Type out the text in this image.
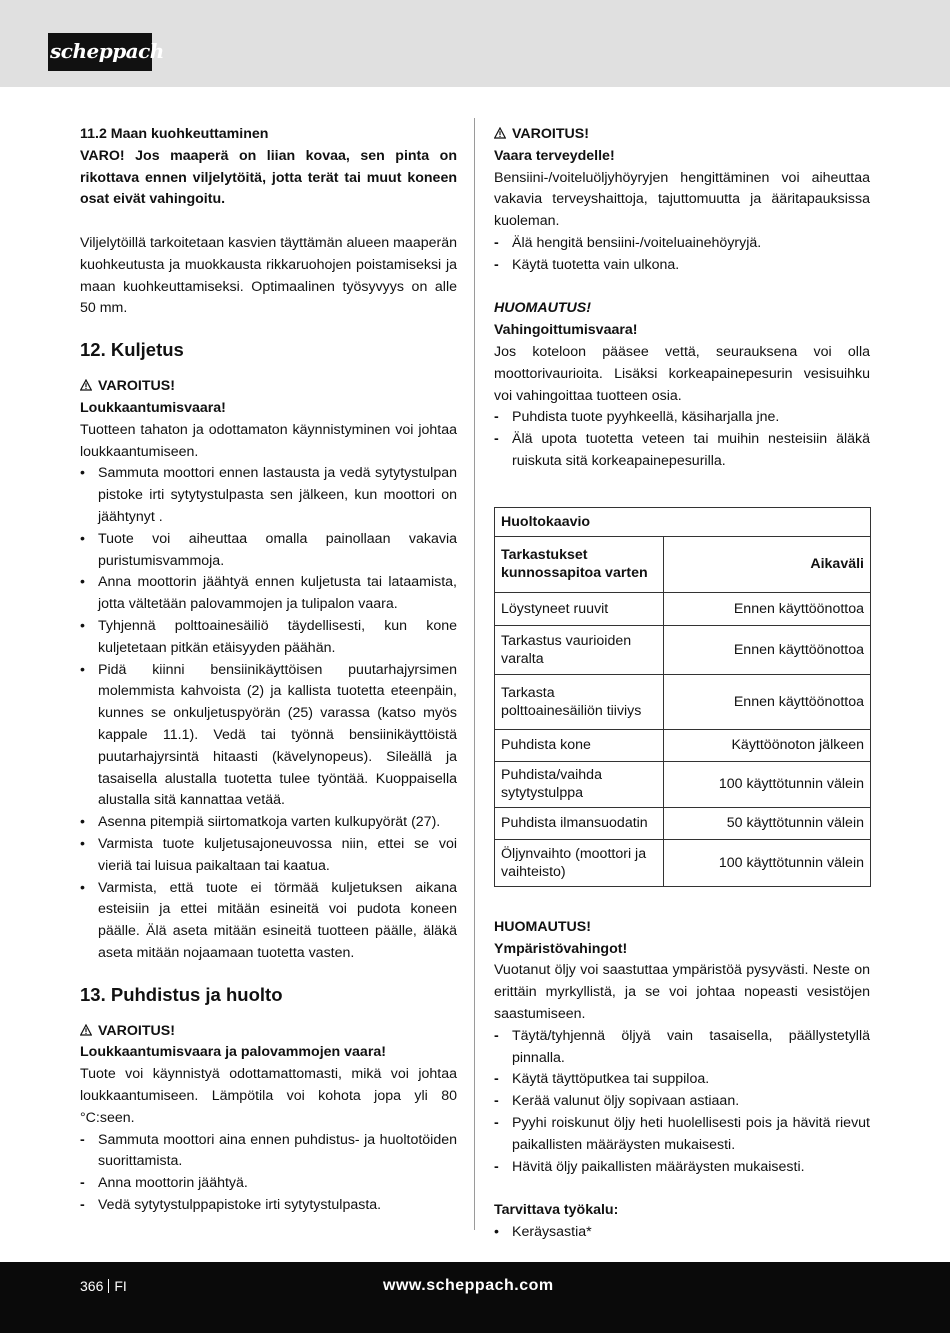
scheppach

11.2 Maan kuohkeuttaminen

VARO! Jos maaperä on liian kovaa, sen pinta on rikottava ennen viljelytöitä, jotta terät tai muut koneen osat eivät vahingoitu.

Viljelytöillä tarkoitetaan kasvien täyttämän alueen maaperän kuohkeutusta ja muokkausta rikkaruohojen poistamiseksi ja maan kuohkeuttamiseksi. Optimaalinen työsyvyys on alle 50 mm.

12. Kuljetus

VAROITUS!

Loukkaantumisvaara!

Tuotteen tahaton ja odottamaton käynnistyminen voi johtaa loukkaantumiseen.

• Sammuta moottori ennen lastausta ja vedä sytytystulpan pistoke irti sytytystulpasta sen jälkeen, kun moottori on jäähtynyt .
• Tuote voi aiheuttaa omalla painollaan vakavia puristumisvammoja.
• Anna moottorin jäähtyä ennen kuljetusta tai lataamista, jotta vältetään palovammojen ja tulipalon vaara.
• Tyhjennä polttoainesäiliö täydellisesti, kun kone kuljetetaan pitkän etäisyyden päähän.
• Pidä kiinni bensiinikäyttöisen puutarhajyrsimen molemmista kahvoista (2) ja kallista tuotetta eteenpäin, kunnes se onkuljetuspyörän (25) varassa (katso myös kappale 11.1). Vedä tai työnnä bensiinikäyttöistä puutarhajyrsintä hitaasti (kävelynopeus). Sileällä ja tasaisella alustalla tuotetta tulee työntää. Kuoppaisella alustalla sitä kannattaa vetää.
• Asenna pitempiä siirtomatkoja varten kulkupyörät (27).
• Varmista tuote kuljetusajoneuvossa niin, ettei se voi vieriä tai luisua paikaltaan tai kaatua.
• Varmista, että tuote ei törmää kuljetuksen aikana esteisiin ja ettei mitään esineitä voi pudota koneen päälle. Älä aseta mitään esineitä tuotteen päälle, äläkä aseta mitään nojaamaan tuotetta vasten.
13. Puhdistus ja huolto

VAROITUS!

Loukkaantumisvaara ja palovammojen vaara!

Tuote voi käynnistyä odottamattomasti, mikä voi johtaa loukkaantumiseen. Lämpötila voi kohota jopa yli 80 °C:seen.

- Sammuta moottori aina ennen puhdistus- ja huoltotöiden suorittamista.
- Anna moottorin jäähtyä.
- Vedä sytytystulppapistoke irti sytytystulpasta.

VAROITUS!

Vaara terveydelle!

Bensiini-/voiteluöljyhöyryjen hengittäminen voi aiheuttaa vakavia terveyshaittoja, tajuttomuutta ja ääritapauksissa kuoleman.

- Älä hengitä bensiini-/voiteluainehöyryjä.
- Käytä tuotetta vain ulkona.

HUOMAUTUS!

Vahingoittumisvaara!

Jos koteloon pääsee vettä, seurauksena voi olla moottorivaurioita. Lisäksi korkeapainepesurin vesisuihku voi vahingoittaa tuotteen osia.

- Puhdista tuote pyyhkeellä, käsiharjalla jne.
- Älä upota tuotetta veteen tai muihin nesteisiin äläkä ruiskuta sitä korkeapainepesurilla.
Huoltokaavio	
Tarkastukset kunnossapitoa varten	Aikaväli
Löystyneet ruuvit	Ennen käyttöönottoa
Tarkastus vaurioiden varalta	Ennen käyttöönottoa
Tarkasta polttoainesäiliön tiiviys	Ennen käyttöönottoa
Puhdista kone	Käyttöönoton jälkeen
Puhdista/vaihda sytytystulppa	100 käyttötunnin välein
Puhdista ilmansuodatin	50 käyttötunnin välein
Öljynvaihto (moottori ja vaihteisto)	100 käyttötunnin välein

HUOMAUTUS!

Ympäristövahingot!

Vuotanut öljy voi saastuttaa ympäristöä pysyvästi. Neste on erittäin myrkyllistä, ja se voi johtaa nopeasti vesistöjen saastumiseen.

- Täytä/tyhjennä öljyä vain tasaisella, päällystetyllä pinnalla.
- Käytä täyttöputkea tai suppiloa.
- Kerää valunut öljy sopivaan astiaan.
- Pyyhi roiskunut öljy heti huolellisesti pois ja hävitä rievut paikallisten määräysten mukaisesti.
- Hävitä öljy paikallisten määräysten mukaisesti.

Tarvittava työkalu:

• Keräysastia*
366 FI	www.scheppach.com
